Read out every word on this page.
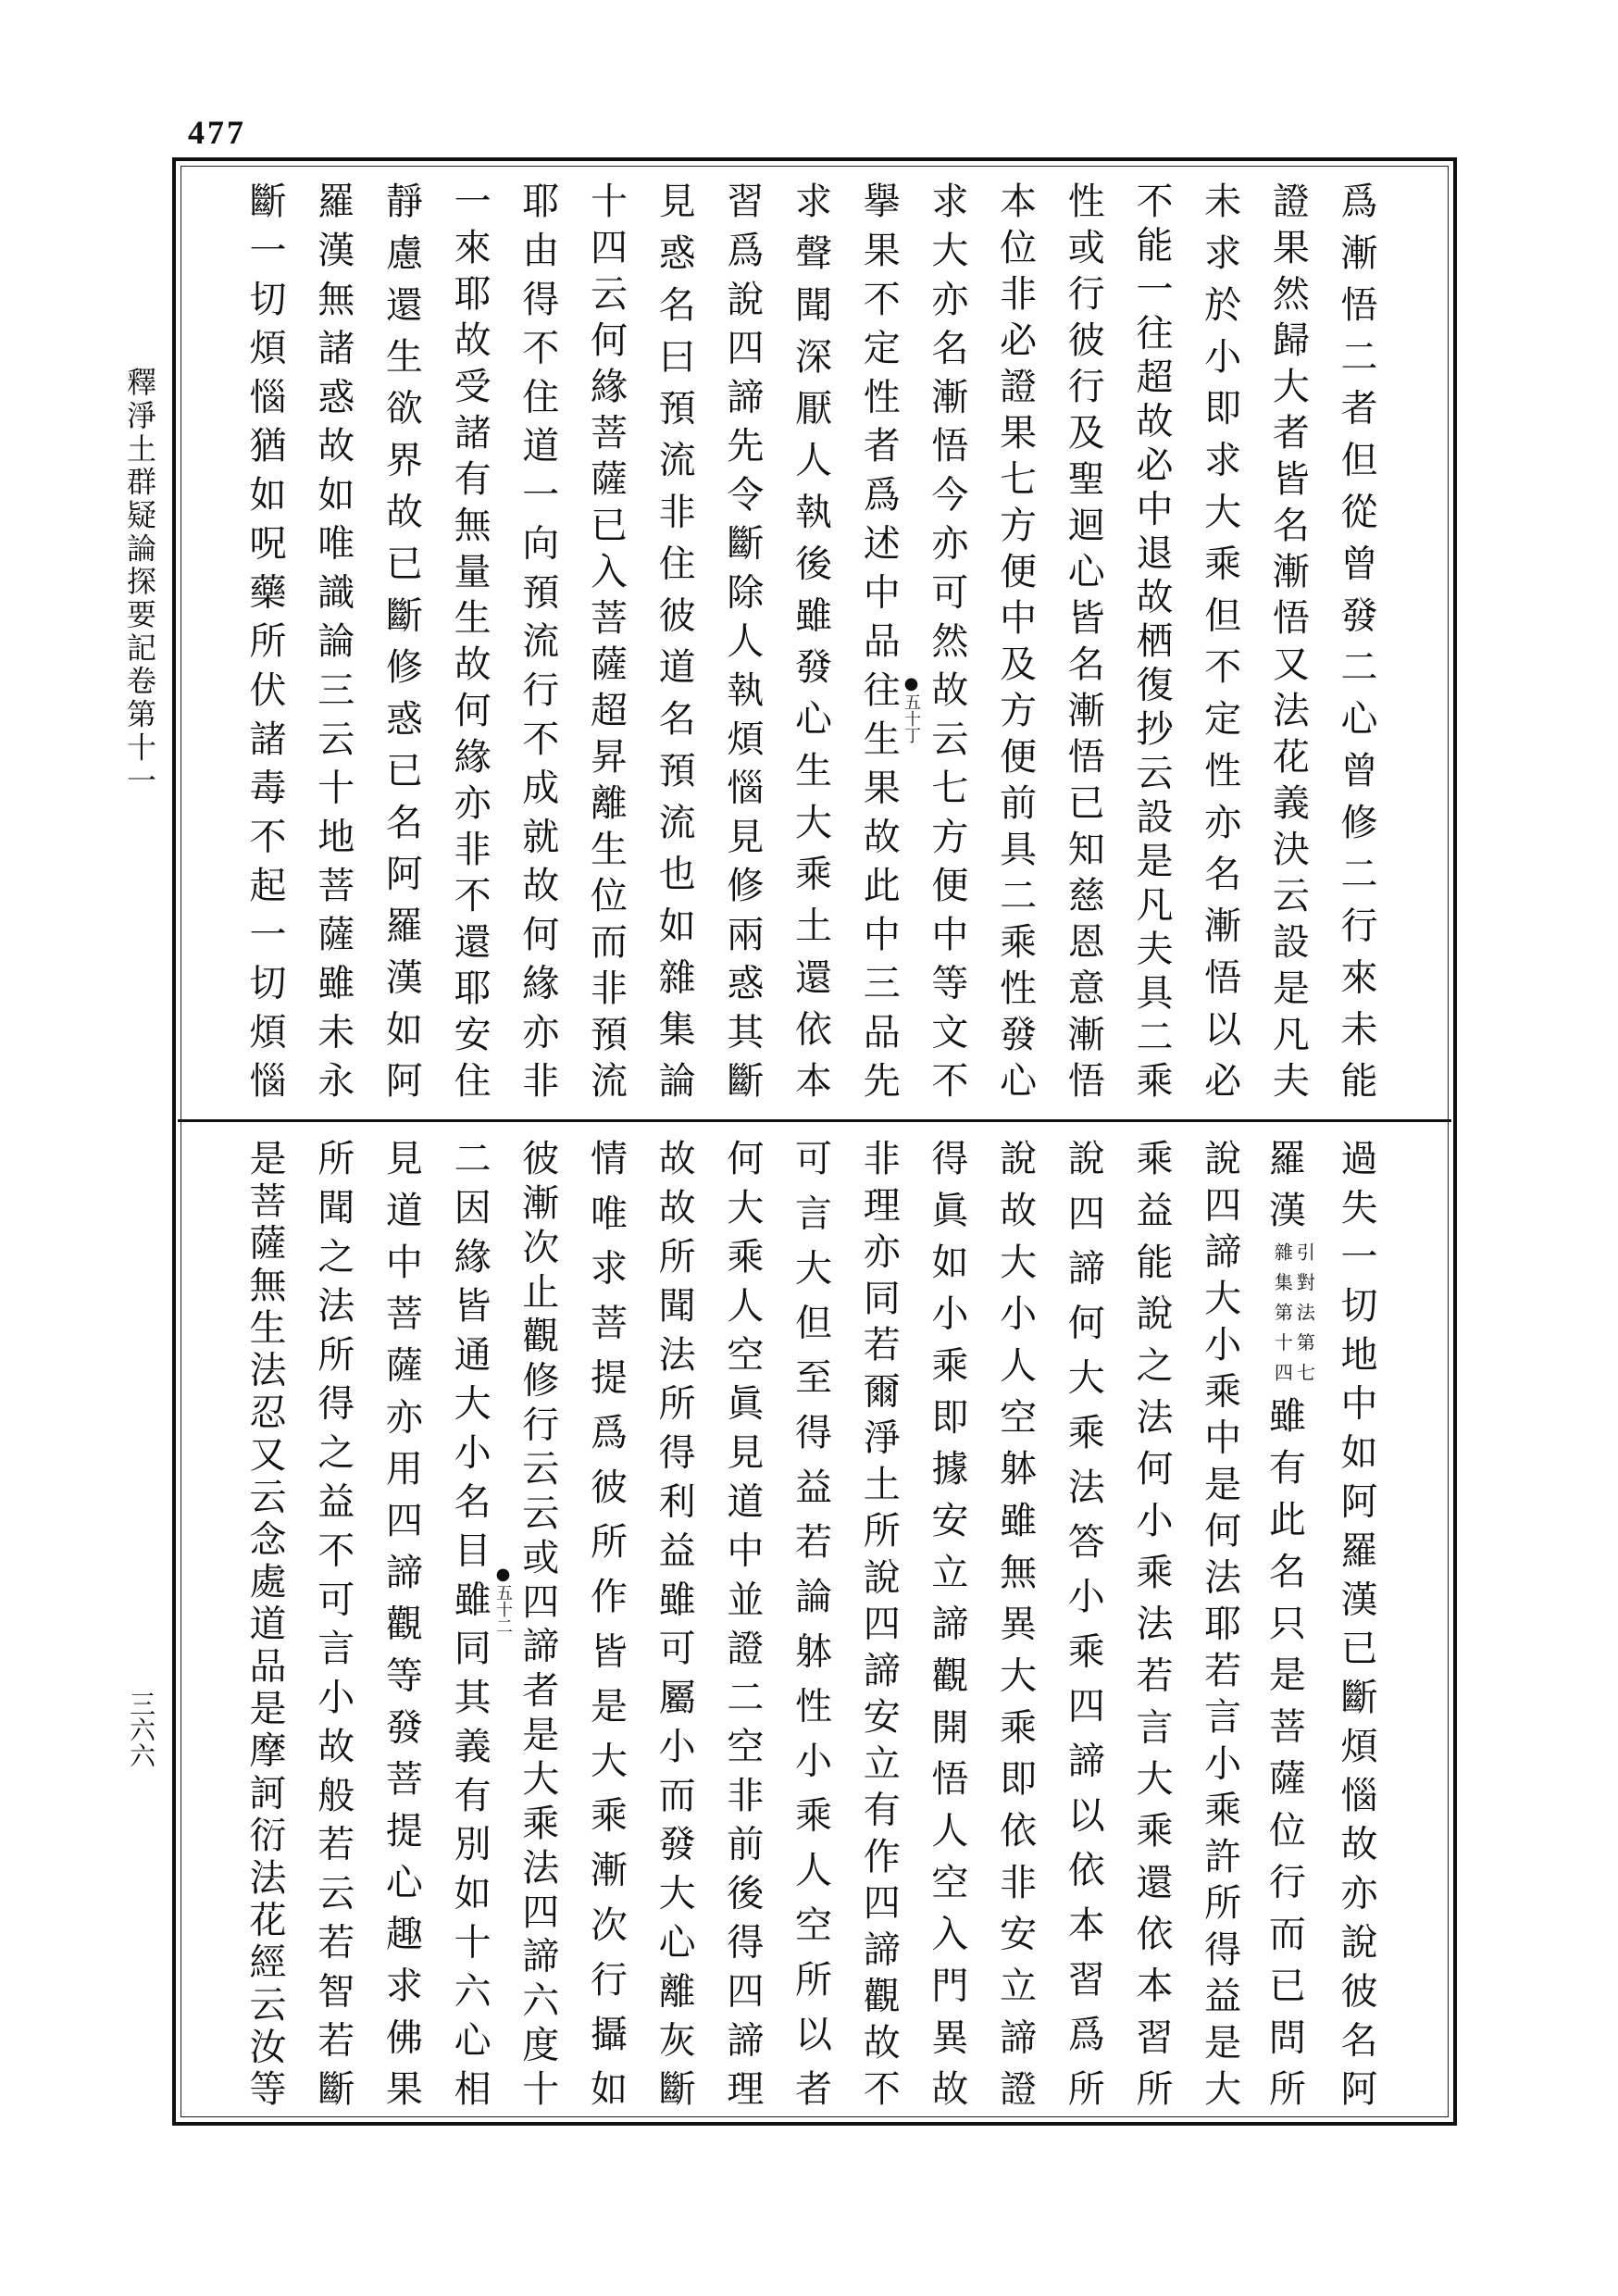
477
釋淨土群疑論探要記卷第十一
三六六
爲漸悟二者但從曾發二心曾修二行來未能
證果然歸大者皆名漸悟又法花義決云設是凡夫
未求於小即求大乘但不定性亦名漸悟以必
不能一往超故必中退故栖復抄云設是凡夫具二乘
性或行彼行及聖迴心皆名漸悟已知慈恩意漸悟
本位非必證果七方便中及方便前具二乘性發心
求大亦名漸悟今亦可然故云七方便中等文不
擧果不定性者爲述中品往生果故此中三品先
求聲聞深厭人執後雖發心生大乘土還依本
習爲說四諦先令斷除人執煩惱見修兩惑其斷
見惑名曰預流非住彼道名預流也如雜集論
十四云何緣菩薩已入菩薩超昇離生位而非預流
耶由得不住道一向預流行不成就故何緣亦非
一來耶故受諸有無量生故何緣亦非不還耶安住
靜慮還生欲界故已斷修惑已名阿羅漢如阿
羅漢無諸惑故如唯識論三云十地菩薩雖未永
斷一切煩惱猶如呪藥所伏諸毒不起一切煩惱
過失一切地中如阿羅漢已斷煩惱故亦說彼名阿
羅漢
引對法第七
雜集第十四
雖有此名只是菩薩位行而已問所
說四諦大小乘中是何法耶若言小乘許所得益是大
乘益能說之法何小乘法若言大乘還依本習所
說四諦何大乘法答小乘四諦以依本習爲所
說故大小人空躰雖無異大乘即依非安立諦證
得眞如小乘即據安立諦觀開悟人空入門異故
非理亦同若爾淨土所說四諦安立有作四諦觀故不
可言大但至得益若論躰性小乘人空所以者
何大乘人空眞見道中並證二空非前後得四諦理
故故所聞法所得利益雖可屬小而發大心離灰斷
情唯求菩提爲彼所作皆是大乘漸次行攝如
彼漸次止觀修行云云或四諦者是大乘法四諦六度十
二因緣皆通大小名目雖同其義有別如十六心相
見道中菩薩亦用四諦觀等發菩提心趣求佛果
所聞之法所得之益不可言小故般若云若智若斷
是菩薩無生法忍又云念處道品是摩訶衍法花經云汝等
●五十丁
●五十二
